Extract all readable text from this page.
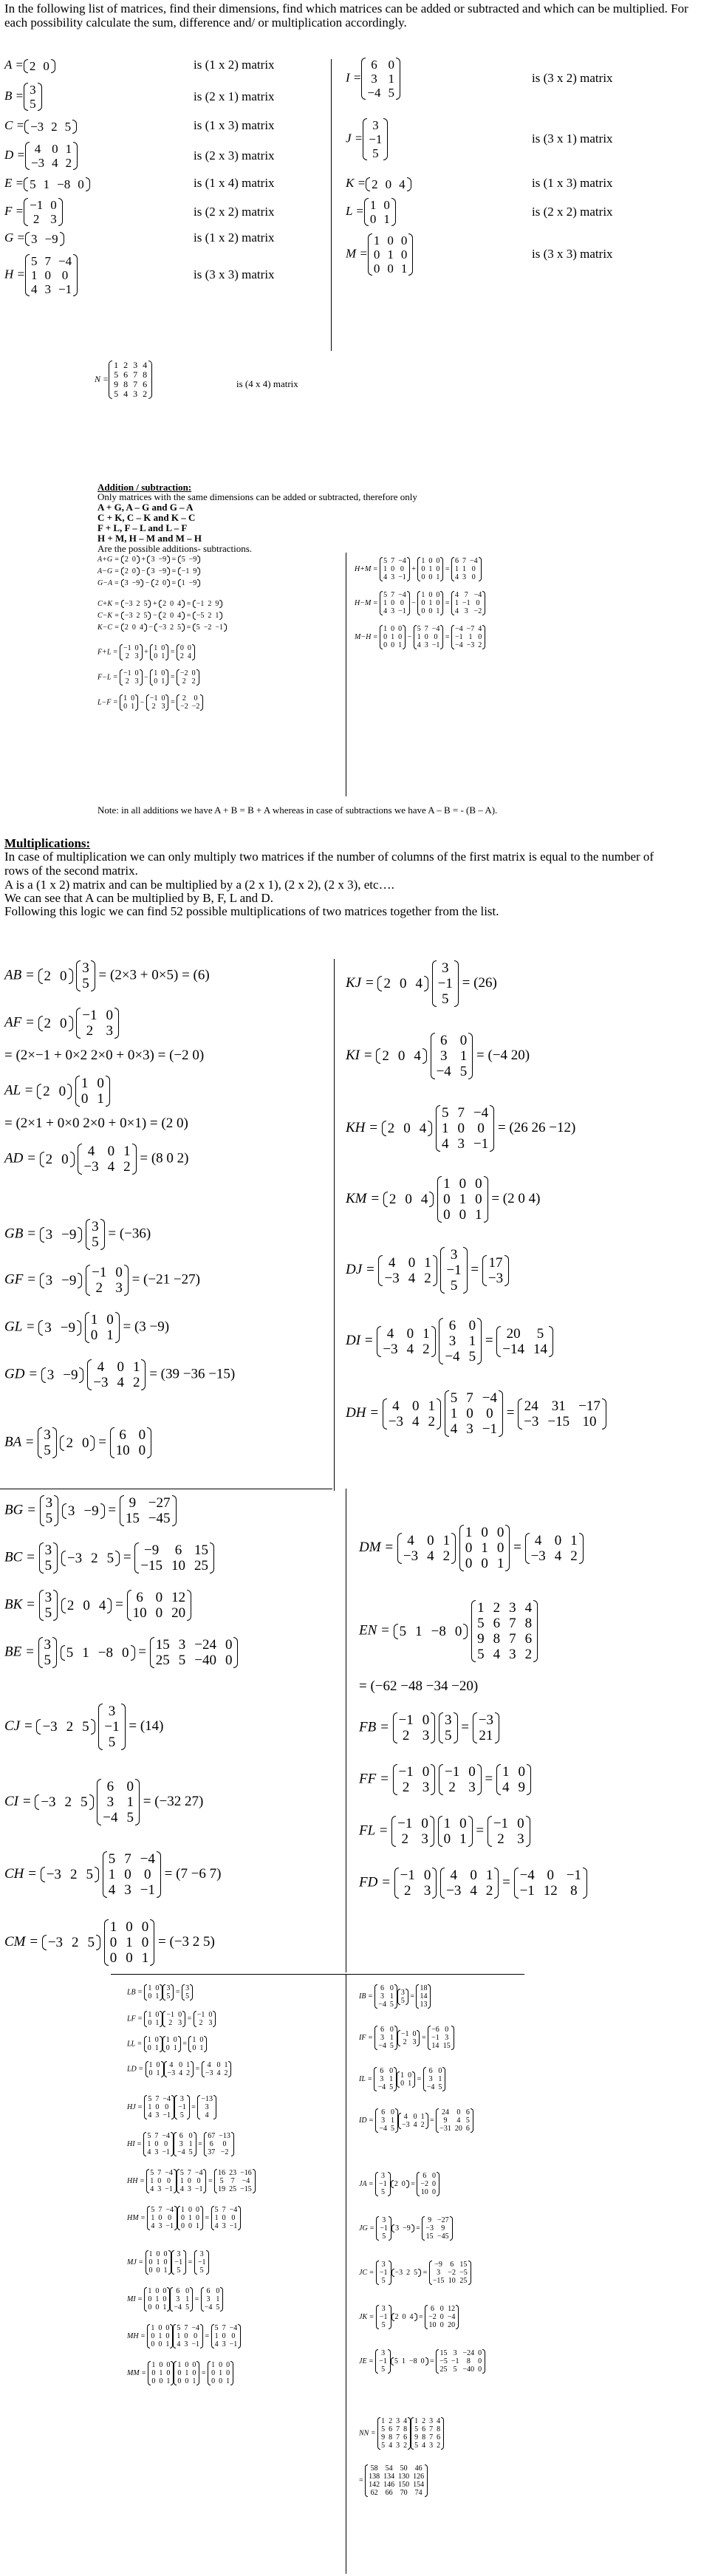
In the following list of matrices, find their dimensions, find which matrices can be added or subtracted and which can be multiplied. For each possibility calculate the sum, difference and/ or multiplication accordingly.
A = 2 0	is (1 x 2) matrix
B = 3
5
is (2 x 1) matrix
C = −3 2 5	is (1 x 3) matrix
D = 4 0 1
−3 4 2
is (2 x 3) matrix
E = 5 1 −8 0	is (1 x 4) matrix
F = −1 0
2 3
is (2 x 2) matrix
G = 3 −9	is (1 x 2) matrix
H =
5 7 −4
1 0 0
4 3 −1
is (3 x 3) matrix
I =
6 0
3 1
−4 5
is (3 x 2) matrix
J =
3
−1
5
is (3 x 1) matrix
K = 2 0 4	is (1 x 3) matrix
L = 1 0
0 1
is (2 x 2) matrix
M =
1 0 0
0 1 0
0 0 1
is (3 x 3) matrix
N =
1 2 3 4
5 6 7 8
9 8 7 6
5 4 3 2
is (4 x 4) matrix
Addition / subtraction:
Only matrices with the same dimensions can be added or subtracted, therefore only
A + G, A – G and G – A
C + K, C – K and K – C
F + L, F – L and L – F
H + M, H – M and M – H
Are the possible additions- subtractions.
A+G = 2 0 + 3 −9 = 5 −9
A−G = 2 0 − 3 −9 = −1 9
G−A = 3 −9 − 2 0 = 1 −9
C+K = −3 2 5 + 2 0 4 = −1 2 9
C−K = −3 2 5 − 2 0 4 = −5 2 1
K−C = 2 0 4 − −3 2 5 = 5 −2 −1
F+L = −1 0
2 3
+ 1 0
0 1
= 0 0
2 4
F−L = −1 0
2 3
− 1 0
0 1
= −2 0
2 2
L−F = 1 0
0 1
− −1 0
2 3
= 2 0
−2 −2
H+M =
5 7 −4
1 0 0
4 3 −1
+
1 0 0
0 1 0
0 0 1
=
6 7 −4
1 1 0
4 3 0
H−M =
5 7 −4
1 0 0
4 3 −1
−
1 0 0
0 1 0
0 0 1
=
4 7 −4
1 −1 0
4 3 −2
M−H =
1 0 0
0 1 0
0 0 1
−
5 7 −4
1 0 0
4 3 −1
=
−4 −7 4
−1 1 0
−4 −3 2
Note: in all additions we have A + B = B + A whereas in case of subtractions we have A – B = - (B – A).
Multiplications:
In case of multiplication we can only multiply two matrices if the number of columns of the first matrix is equal to the number of rows of the second matrix.
A is a (1 x 2) matrix and can be multiplied by a (2 x 1), (2 x 2), (2 x 3), etc….
We can see that A can be multiplied by B, F, L and D.
Following this logic we can find 52 possible multiplications of two matrices together from the list.
AB = 2 0
3
5
= (2×3 + 0×5) = (6)
AF = 2 0
−1 0
2 3
= (2×−1 + 0×2 2×0 + 0×3) = (−2 0)
AL = 2 0
1 0
0 1
= (2×1 + 0×0 2×0 + 0×1) = (2 0)
AD = 2 0
4 0 1
−3 4 2
= (8 0 2)
GB = 3 −9
3
5
= (−36)
GF = 3 −9
−1 0
2 3
= (−21 −27)
GL = 3 −9
1 0
0 1
= (3 −9)
GD = 3 −9
4 0 1
−3 4 2
= (39 −36 −15)
BA = 3
5
2 0 = 6 0
10 0
KJ = 2 0 4

3
−1
5
= (26)
KI = 2 0 4

6 0
3 1
−4 5
= (−4 20)
KH = 2 0 4

5 7 −4
1 0 0
4 3 −1
= (26 26 −12)
KM = 2 0 4

1 0 0
0 1 0
0 0 1
= (2 0 4)
DJ = 4 0 1
−3 4 2

3
−1
5
= 17
−3
DI = 4 0 1
−3 4 2

6 0
3 1
−4 5
= 20 5
−14 14
DH = 4 0 1
−3 4 2

5 7 −4
1 0 0
4 3 −1
= 24 31 −17
−3 −15 10
BG = 3
5
3 −9 = 9 −27
15 −45
BC = 3
5
−3 2 5 = −9 6 15
−15 10 25
BK = 3
5
2 0 4 = 6 0 12
10 0 20
BE = 3
5
5 1 −8 0 = 15 3 −24 0
25 5 −40 0
CJ = −3 2 5

3
−1
5
= (14)
CI = −3 2 5

6 0
3 1
−4 5
= (−32 27)
CH = −3 2 5

5 7 −4
1 0 0
4 3 −1
= (7 −6 7)
CM = −3 2 5

1 0 0
0 1 0
0 0 1
= (−3 2 5)
DM = 4 0 1
−3 4 2

1 0 0
0 1 0
0 0 1
= 4 0 1
−3 4 2
EN = 5 1 −8 0

1 2 3 4
5 6 7 8
9 8 7 6
5 4 3 2
= (−62 −48 −34 −20)
FB = −1 0
2 3

3
5
= −3
21
FF = −1 0
2 3

−1 0
2 3
= 1 0
4 9
FL = −1 0
2 3

1 0
0 1
= −1 0
2 3
FD = −1 0
2 3

4 0 1
−3 4 2
= −4 0 −1
−1 12 8
LB = 1 0
0 1
3
5
= 3
5
LF = 1 0
0 1
−1 0
2 3
= −1 0
2 3
LL = 1 0
0 1
1 0
0 1
= 1 0
0 1
LD = 1 0
0 1
4 0 1
−3 4 2
= 4 0 1
−3 4 2
HJ =
5 7 −4
1 0 0
4 3 −1
3
−1
5
=
−13
3
4
HI =
5 7 −4
1 0 0
4 3 −1
6 0
3 1
−4 5
=
67 −13
6	0
37 −2
HH =
5 7 −4
1 0 0
4 3 −1
5 7 −4
1 0 0
4 3 −1
=
16 23 −16
5 7 −4
19 25 −15
HM =
5 7 −4
1 0 0
4 3 −1
1 0 0
0 1 0
0 0 1
=
5 7 −4
1 0 0
4 3 −1
MJ =
1 0 0
0 1 0
0 0 1
3
−1
5
=
3
−1
5
MI =
1 0 0
0 1 0
0 0 1
6 0
3 1
−4 5
=
6 0
3 1
−4 5
MH =
1 0 0
0 1 0
0 0 1
5 7 −4
1 0 0
4 3 −1
=
5 7 −4
1 0 0
4 3 −1
MM =
1 0 0
0 1 0
0 0 1
1 0 0
0 1 0
0 0 1
=
1 0 0
0 1 0
0 0 1
IB =
6 0
3 1
−4 5
3
5
=
18
14
13
IF =
6 0
3 1
−4 5
−1 0
2 3
=
−6 0
−1 3
14 15
IL =
6 0
3 1
−4 5
1 0
0 1
=
6 0
3 1
−4 5
ID =
6 0
3 1
−4 5
4 0 1
−3 4 2
=
24 0 6
9	4 5
−31 20 6
JA =
3
−1
5
2 0 =
6 0
−2 0
10 0
JG =
3
−1
5
3 −9 =
9 −27
−3	9
15 −45
JC =
3
−1
5
−3 2 5 =
−9 6 15
3	−2 −5
−15 10 25
JK =
3
−1
5
2 0 4 =
6 0 12
−2 0 −4
10 0 20
JE =
3
−1
5
5 1 −8 0 =
15 3 −24 0
−5 −1	8	0
25 5 −40 0
NN =
1 2 3 4
5 6 7 8
9 8 7 6
5 4 3 2
1 2 3 4
5 6 7 8
9 8 7 6
5 4 3 2
=
58 54 50 46
138 134 130 126
142 146 150 154
62 66 70 74
